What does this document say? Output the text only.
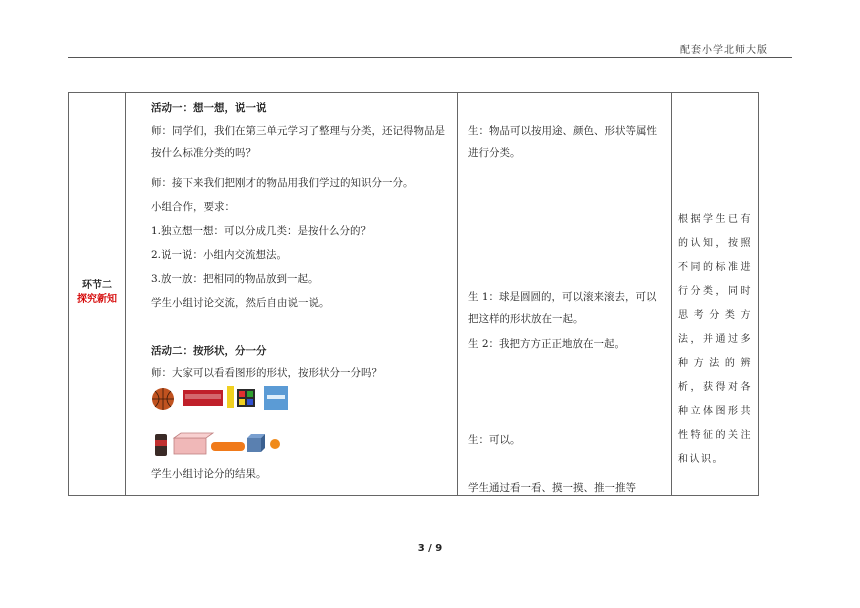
配套小学北师大版
环节二
探究新知
活动一：想一想，说一说
师：同学们，我们在第三单元学习了整理与分类，还记得物品是按什么标准分类的吗？
师：接下来我们把刚才的物品用我们学过的知识分一分。
小组合作，要求：
1.独立想一想：可以分成几类：是按什么分的？
2.说一说：小组内交流想法。
3.放一放：把相同的物品放到一起。
学生小组讨论交流，然后自由说一说。
活动二：按形状，分一分
师：大家可以看看图形的形状，按形状分一分吗？
学生小组讨论分的结果。
生：物品可以按用途、颜色、形状等属性进行分类。
生 1：球是圆圆的，可以滚来滚去，可以把这样的形状放在一起。
生 2：我把方方正正地放在一起。
生：可以。
学生通过看一看、摸一摸、推一推等
根据学生已有的认知，按照不同的标准进行分类，同时思考分类方法，并通过多种方法的辨析，获得对各种立体图形共性特征的关注和认识。
3 / 9
